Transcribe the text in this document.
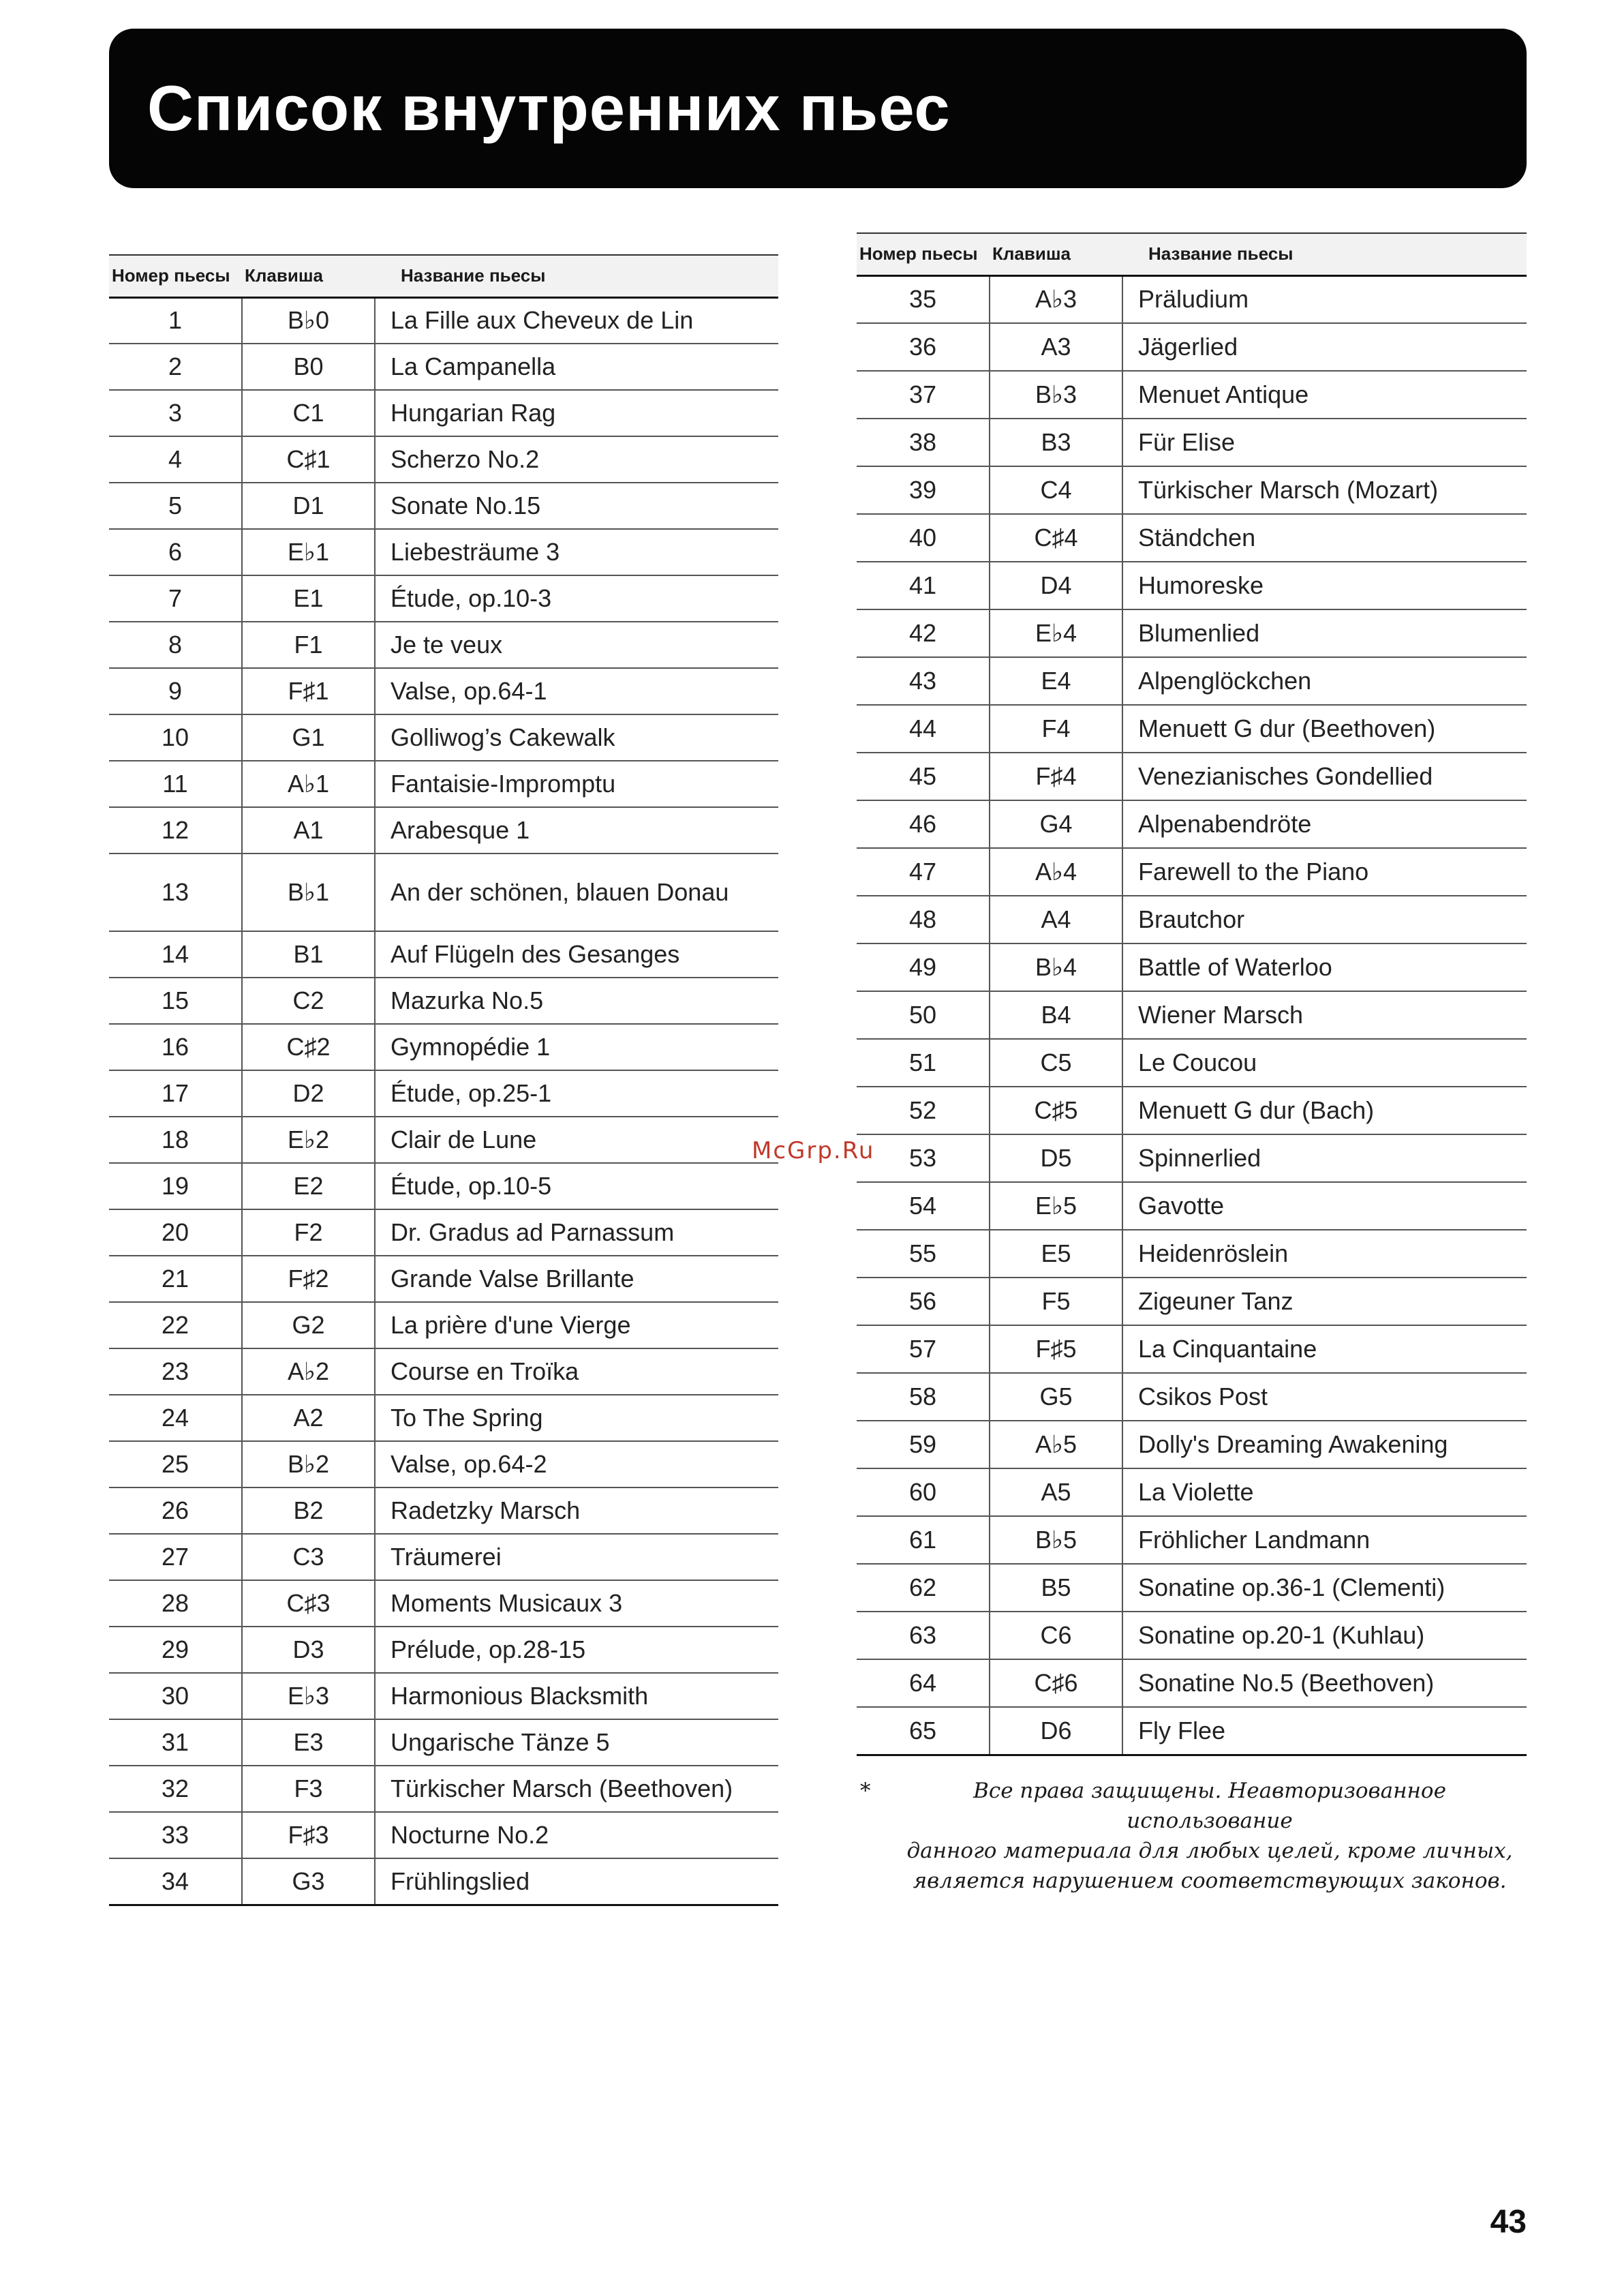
Список внутренних пьес
Номер пьесы	Клавиша	Название пьесы
1	B♭0	La Fille aux Cheveux de Lin
2	B0	La Campanella
3	C1	Hungarian Rag
4	C♯1	Scherzo No.2
5	D1	Sonate No.15
6	E♭1	Liebesträume 3
7	E1	Étude, op.10-3
8	F1	Je te veux
9	F♯1	Valse, op.64-1
10	G1	Golliwog’s Cakewalk
11	A♭1	Fantaisie-Impromptu
12	A1	Arabesque 1
13	B♭1	An der schönen, blauen Donau
14	B1	Auf Flügeln des Gesanges
15	C2	Mazurka No.5
16	C♯2	Gymnopédie 1
17	D2	Étude, op.25-1
18	E♭2	Clair de Lune
19	E2	Étude, op.10-5
20	F2	Dr. Gradus ad Parnassum
21	F♯2	Grande Valse Brillante
22	G2	La prière d'une Vierge
23	A♭2	Course en Troïka
24	A2	To The Spring
25	B♭2	Valse, op.64-2
26	B2	Radetzky Marsch
27	C3	Träumerei
28	C♯3	Moments Musicaux 3
29	D3	Prélude, op.28-15
30	E♭3	Harmonious Blacksmith
31	E3	Ungarische Tänze 5
32	F3	Türkischer Marsch (Beethoven)
33	F♯3	Nocturne No.2
34	G3	Frühlingslied
Номер пьесы	Клавиша	Название пьесы
35	A♭3	Präludium
36	A3	Jägerlied
37	B♭3	Menuet Antique
38	B3	Für Elise
39	C4	Türkischer Marsch (Mozart)
40	C♯4	Ständchen
41	D4	Humoreske
42	E♭4	Blumenlied
43	E4	Alpenglöckchen
44	F4	Menuett G dur (Beethoven)
45	F♯4	Venezianisches Gondellied
46	G4	Alpenabendröte
47	A♭4	Farewell to the Piano
48	A4	Brautchor
49	B♭4	Battle of Waterloo
50	B4	Wiener Marsch
51	C5	Le Coucou
52	C♯5	Menuett G dur (Bach)
53	D5	Spinnerlied
54	E♭5	Gavotte
55	E5	Heidenröslein
56	F5	Zigeuner Tanz
57	F♯5	La Cinquantaine
58	G5	Csikos Post
59	A♭5	Dolly's Dreaming Awakening
60	A5	La Violette
61	B♭5	Fröhlicher Landmann
62	B5	Sonatine op.36-1 (Clementi)
63	C6	Sonatine op.20-1 (Kuhlau)
64	C♯6	Sonatine No.5 (Beethoven)
65	D6	Fly Flee
McGrp.Ru
*	Все права защищены. Неавторизованное использование
данного материала для любых целей, кроме личных,
является нарушением соответствующих законов.
43
